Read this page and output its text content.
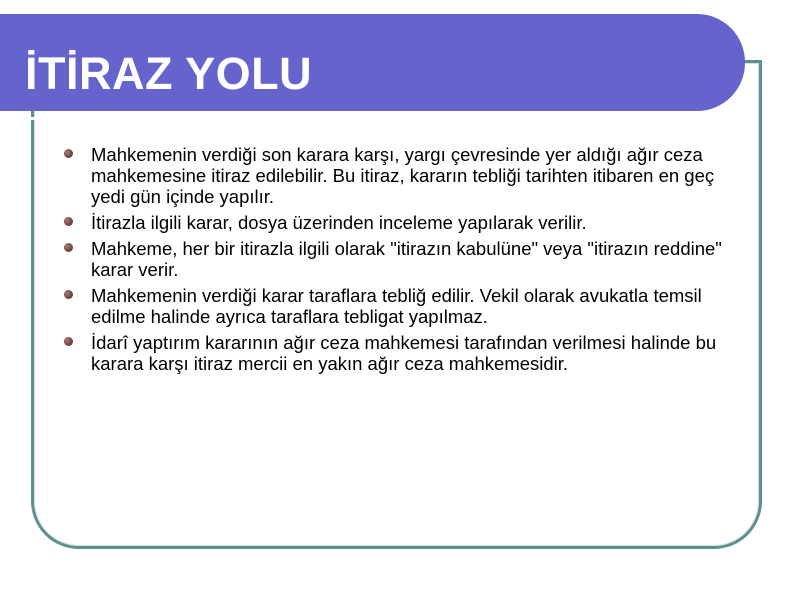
İTİRAZ YOLU
Mahkemenin verdiği son karara karşı, yargı çevresinde yer aldığı ağır ceza mahkemesine itiraz edilebilir. Bu itiraz, kararın tebliği tarihten itibaren en geç yedi gün içinde yapılır.
İtirazla ilgili karar, dosya üzerinden inceleme yapılarak verilir.
Mahkeme, her bir itirazla ilgili olarak "itirazın kabulüne" veya "itirazın reddine" karar verir.
Mahkemenin verdiği karar taraflara tebliğ edilir. Vekil olarak avukatla temsil edilme halinde ayrıca taraflara tebligat yapılmaz.
İdarî yaptırım kararının ağır ceza mahkemesi tarafından verilmesi halinde bu karara karşı itiraz mercii en yakın ağır ceza mahkemesidir.
